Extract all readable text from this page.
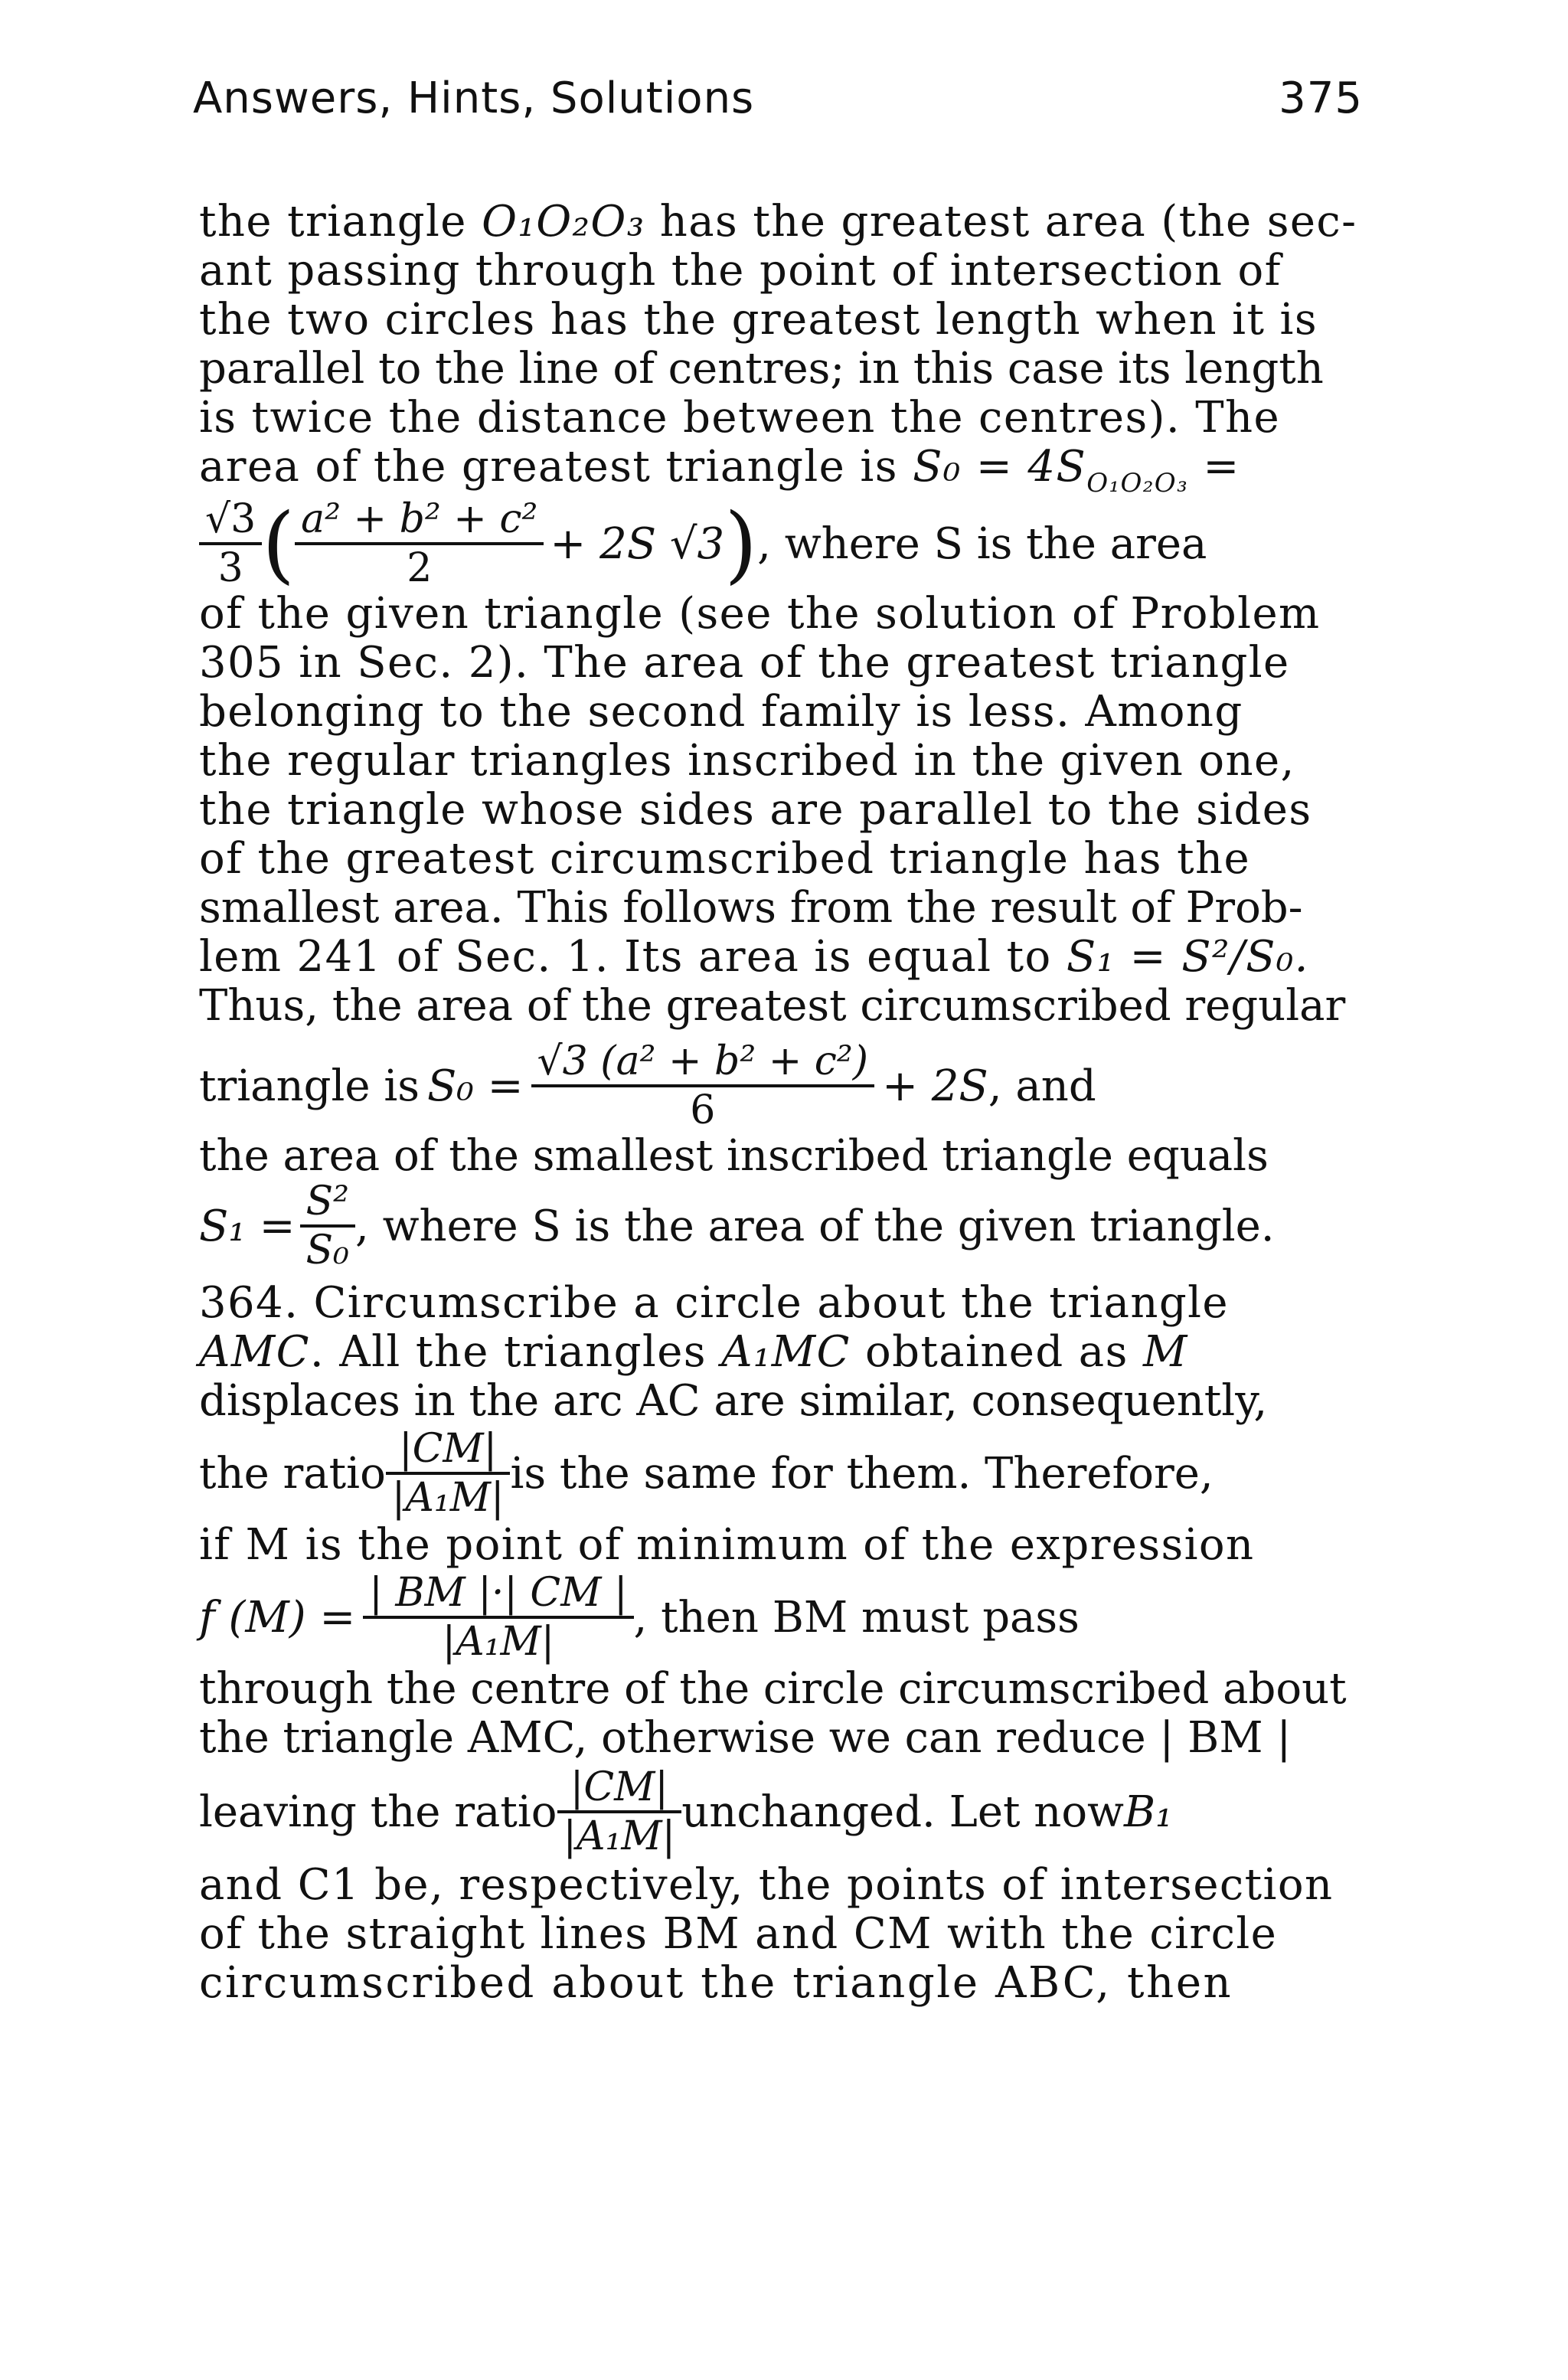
Answers, Hints, Solutions	375
the triangle O₁O₂O₃ has the greatest area (the sec-
ant passing through the point of intersection of
the two circles has the greatest length when it is
parallel to the line of centres; in this case its length
is twice the distance between the centres). The
area of the greatest triangle is $S_0 = 4S_{O_1O_2O_3}$ =
$\frac{√3}{3}$ ( $\frac{\text{a² + b² + c²}}{2} + 2S$ √3 ) , where S is the area
of the given triangle (see the solution of Problem
305 in Sec. 2). The area of the greatest triangle
belonging to the second family is less. Among
the regular triangles inscribed in the given one,
the triangle whose sides are parallel to the sides
of the greatest circumscribed triangle has the
smallest area. This follows from the result of Prob-
lem 241 of Sec. 1. Its area is equal to S₁ = S²/S₀.
Thus, the area of the greatest circumscribed regular
triangle is $S_0 = \frac{\text{√3 (a² + b² + c²)}}{6} + 2S$ , and
the area of the smallest inscribed triangle equals
$S_1 = \frac{\text{S²}}{\text{S₀}}$ , where S is the area of the given triangle.
364. Circumscribe a circle about the triangle
AMC. All the triangles A₁MC obtained as M
displaces in the arc AC are similar, consequently,
the ratio $\frac{|CM|}{\text{|A₁M|}}$ is the same for them. Therefore,
if M is the point of minimum of the expression
f $(M) = \frac{| BM |\cdot| CM |}{\text{|A₁M|}}$ , then BM must pass
through the centre of the circle circumscribed about
the triangle AMC, otherwise we can reduce | BM |
leaving the ratio $\frac{|CM|}{\text{|A₁M|}}$ unchanged. Let now B₁
and C1 be, respectively, the points of intersection
of the straight lines BM and CM with the circle
circumscribed about the triangle ABC, then
